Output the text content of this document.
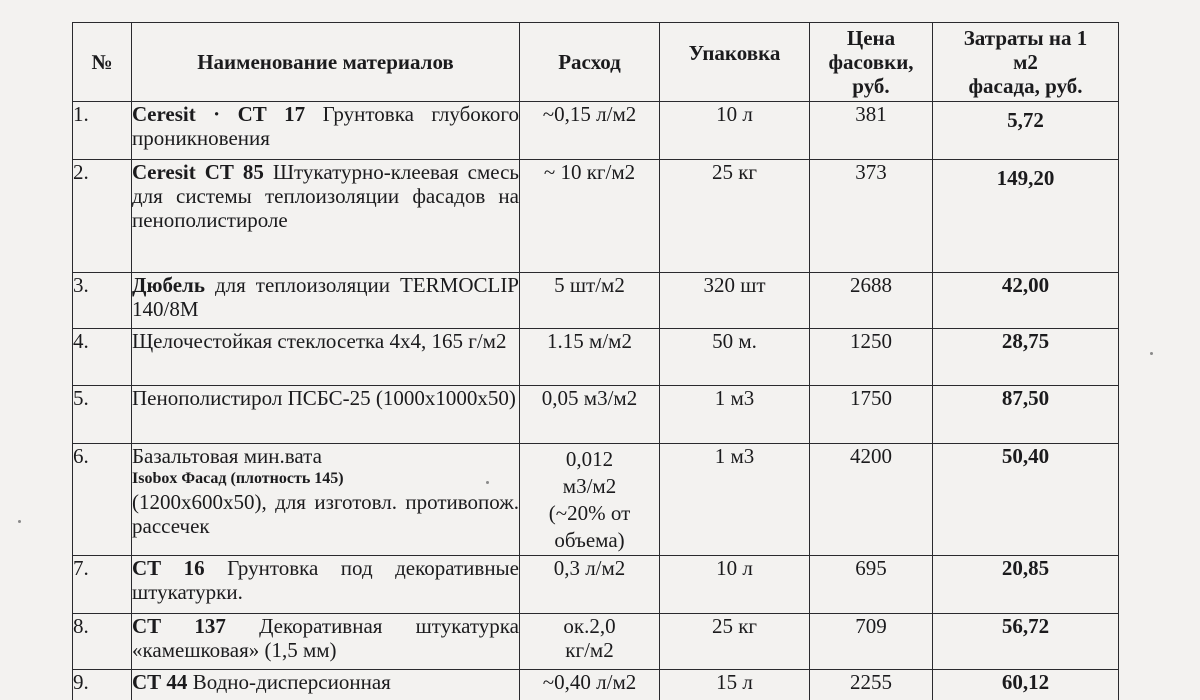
№	Наименование материалов	Расход	Упаковка	Цена
фасовки,
руб.	Затраты на 1
м2
фасада, руб.
1.	Ceresit · СТ 17 Грунтовка глубокого проникновения	~0,15 л/м2	10 л	381	5,72
2.	Ceresit СТ 85 Штукатурно-клеевая смесь для системы теплоизоляции фасадов на пенополистироле	~ 10 кг/м2	25 кг	373	149,20
3.	Дюбель для теплоизоляции TERMOCLIP 140/8M	5 шт/м2	320 шт	2688	42,00
4.	Щелочестойкая стеклосетка 4х4, 165 г/м2	1.15 м/м2	50 м.	1250	28,75
5.	Пенополистирол ПСБС-25 (1000х1000х50)	0,05 м3/м2	1 м3	1750	87,50
6.	Базальтовая мин.вата
Isobox Фасад (плотность 145)
(1200х600х50), для изготовл. противопож. рассечек	0,012
м3/м2
(~20% от
объема)	1 м3	4200	50,40
7.	СТ 16 Грунтовка под декоративные штукатурки.	0,3 л/м2	10 л	695	20,85
8.	СТ 137 Декоративная штукатурка «камешковая» (1,5 мм)	ок.2,0
кг/м2	25 кг	709	56,72
9.	СТ 44 Водно-дисперсионная	~0,40 л/м2	15 л	2255	60,12
